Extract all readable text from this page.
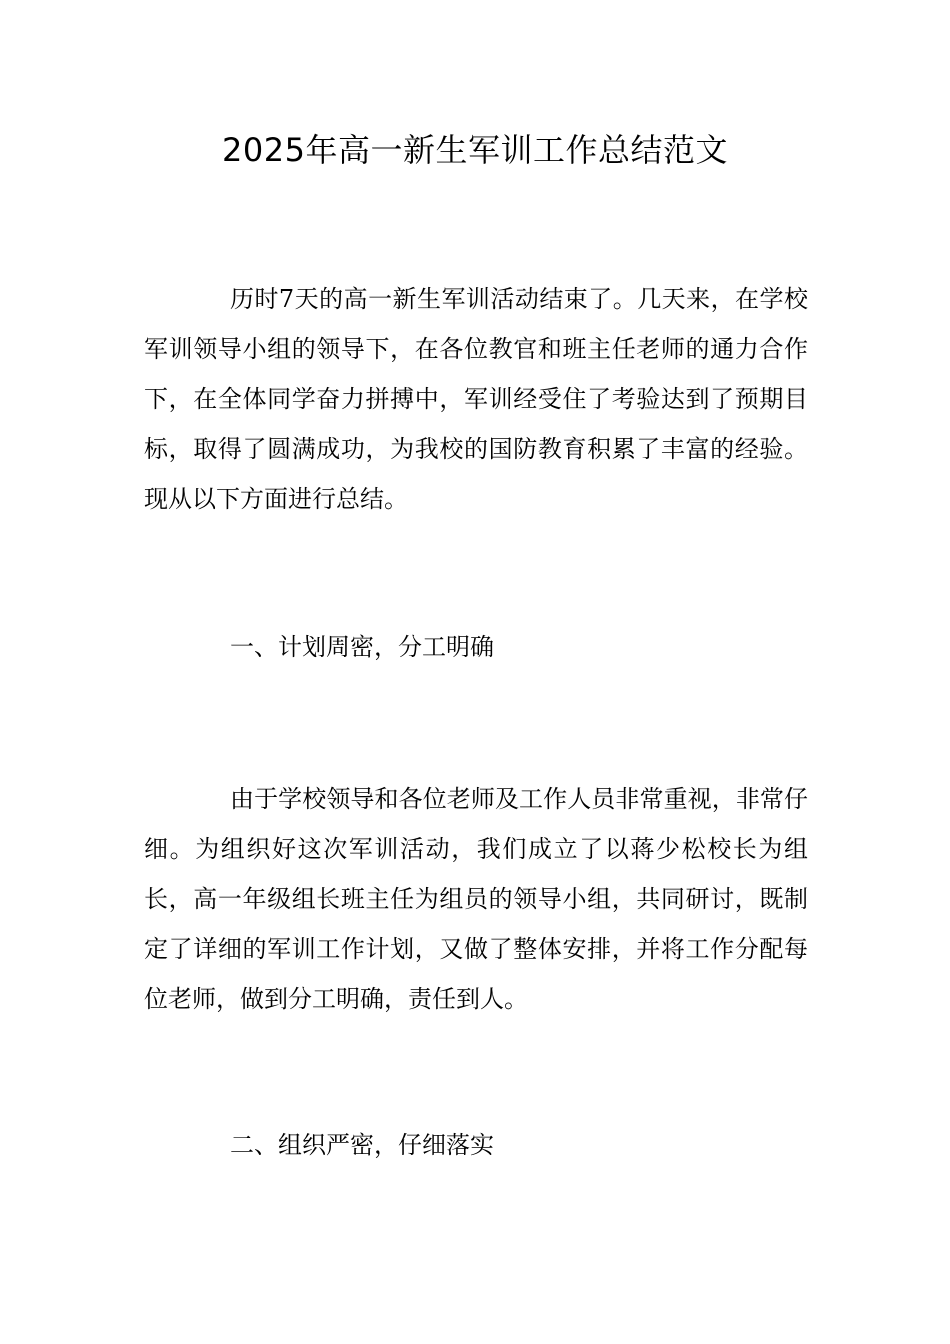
2025年高一新生军训工作总结范文

历时7天的高一新生军训活动结束了。几天来，在学校军训领导小组的领导下，在各位教官和班主任老师的通力合作下，在全体同学奋力拼搏中，军训经受住了考验达到了预期目标，取得了圆满成功，为我校的国防教育积累了丰富的经验。现从以下方面进行总结。

一、计划周密，分工明确

由于学校领导和各位老师及工作人员非常重视，非常仔细。为组织好这次军训活动，我们成立了以蒋少松校长为组长，高一年级组长班主任为组员的领导小组，共同研讨，既制定了详细的军训工作计划，又做了整体安排，并将工作分配每位老师，做到分工明确，责任到人。

二、组织严密，仔细落实
